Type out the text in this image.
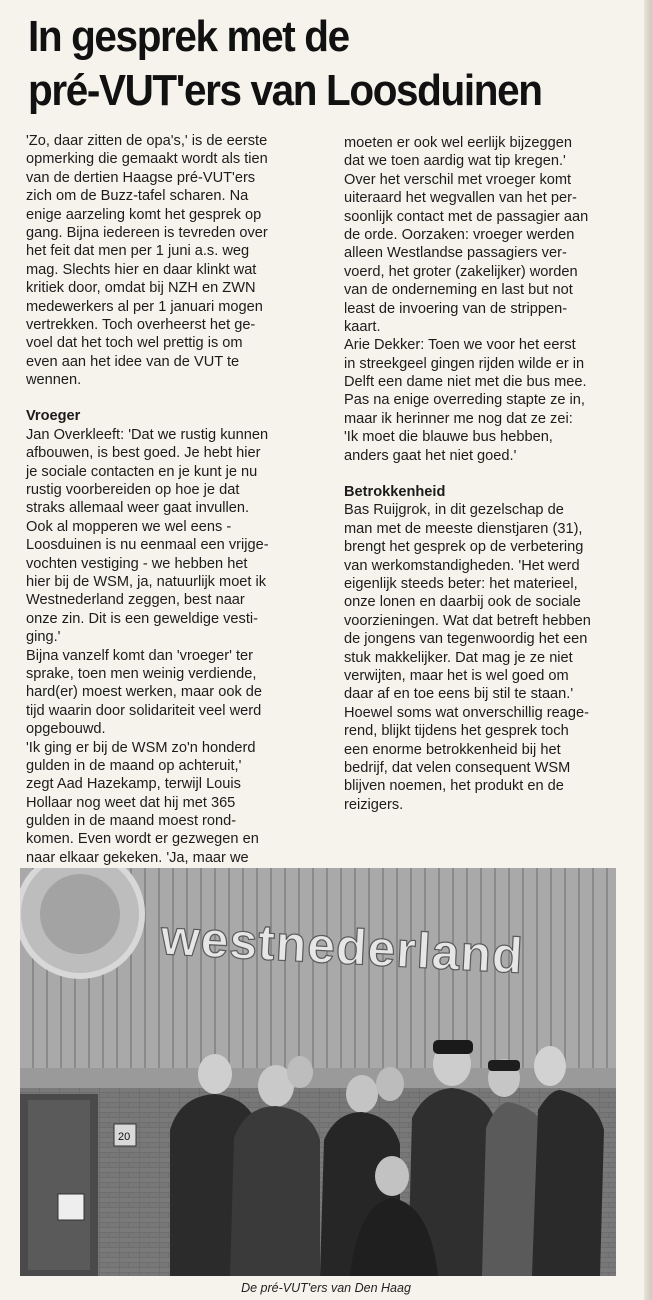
In gesprek met de
pré-VUT'ers van Loosduinen
'Zo, daar zitten de opa's,' is de eerste
opmerking die gemaakt wordt als tien
van de dertien Haagse pré-VUT'ers
zich om de Buzz-tafel scharen. Na
enige aarzeling komt het gesprek op
gang. Bijna iedereen is tevreden over
het feit dat men per 1 juni a.s. weg
mag. Slechts hier en daar klinkt wat
kritiek door, omdat bij NZH en ZWN
medewerkers al per 1 januari mogen
vertrekken. Toch overheerst het ge-
voel dat het toch wel prettig is om
even aan het idee van de VUT te
wennen.
Vroeger
Jan Overkleeft: 'Dat we rustig kunnen
afbouwen, is best goed. Je hebt hier
je sociale contacten en je kunt je nu
rustig voorbereiden op hoe je dat
straks allemaal weer gaat invullen.
Ook al mopperen we wel eens -
Loosduinen is nu eenmaal een vrijge-
vochten vestiging - we hebben het
hier bij de WSM, ja, natuurlijk moet ik
Westnederland zeggen, best naar
onze zin. Dit is een geweldige vesti-
ging.'
Bijna vanzelf komt dan 'vroeger' ter
sprake, toen men weinig verdiende,
hard(er) moest werken, maar ook de
tijd waarin door solidariteit veel werd
opgebouwd.
'Ik ging er bij de WSM zo'n honderd
gulden in de maand op achteruit,'
zegt Aad Hazekamp, terwijl Louis
Hollaar nog weet dat hij met 365
gulden in de maand moest rond-
komen. Even wordt er gezwegen en
naar elkaar gekeken. 'Ja, maar we
moeten er ook wel eerlijk bijzeggen
dat we toen aardig wat tip kregen.'
Over het verschil met vroeger komt
uiteraard het wegvallen van het per-
soonlijk contact met de passagier aan
de orde. Oorzaken: vroeger werden
alleen Westlandse passagiers ver-
voerd, het groter (zakelijker) worden
van de onderneming en last but not
least de invoering van de strippen-
kaart.
Arie Dekker: Toen we voor het eerst
in streekgeel gingen rijden wilde er in
Delft een dame niet met die bus mee.
Pas na enige overreding stapte ze in,
maar ik herinner me nog dat ze zei:
'Ik moet die blauwe bus hebben,
anders gaat het niet goed.'
Betrokkenheid
Bas Ruijgrok, in dit gezelschap de
man met de meeste dienstjaren (31),
brengt het gesprek op de verbetering
van werkomstandigheden. 'Het werd
eigenlijk steeds beter: het materieel,
onze lonen en daarbij ook de sociale
voorzieningen. Wat dat betreft hebben
de jongens van tegenwoordig het een
stuk makkelijker. Dat mag je ze niet
verwijten, maar het is wel goed om
daar af en toe eens bij stil te staan.'
Hoewel soms wat onverschillig reage-
rend, blijkt tijdens het gesprek toch
een enorme betrokkenheid bij het
bedrijf, dat velen consequent WSM
blijven noemen, het produkt en de
reizigers.
westnederland
20
De pré-VUT'ers van Den Haag
